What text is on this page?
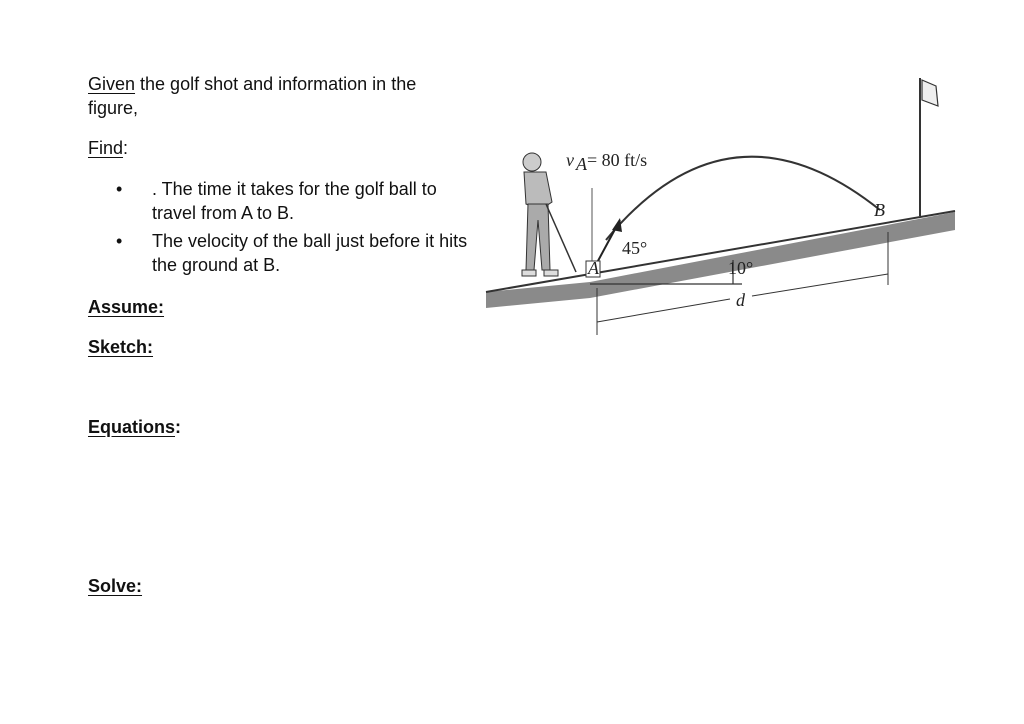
Given the golf shot and information in the figure,
Find:
• . The time it takes for the golf ball to travel from A to B.
• The velocity of the ball just before it hits the ground at B.
Assume:
Sketch:
Equations:
Solve:
10°
d
45°
v A = 80 ft/s
A
B
